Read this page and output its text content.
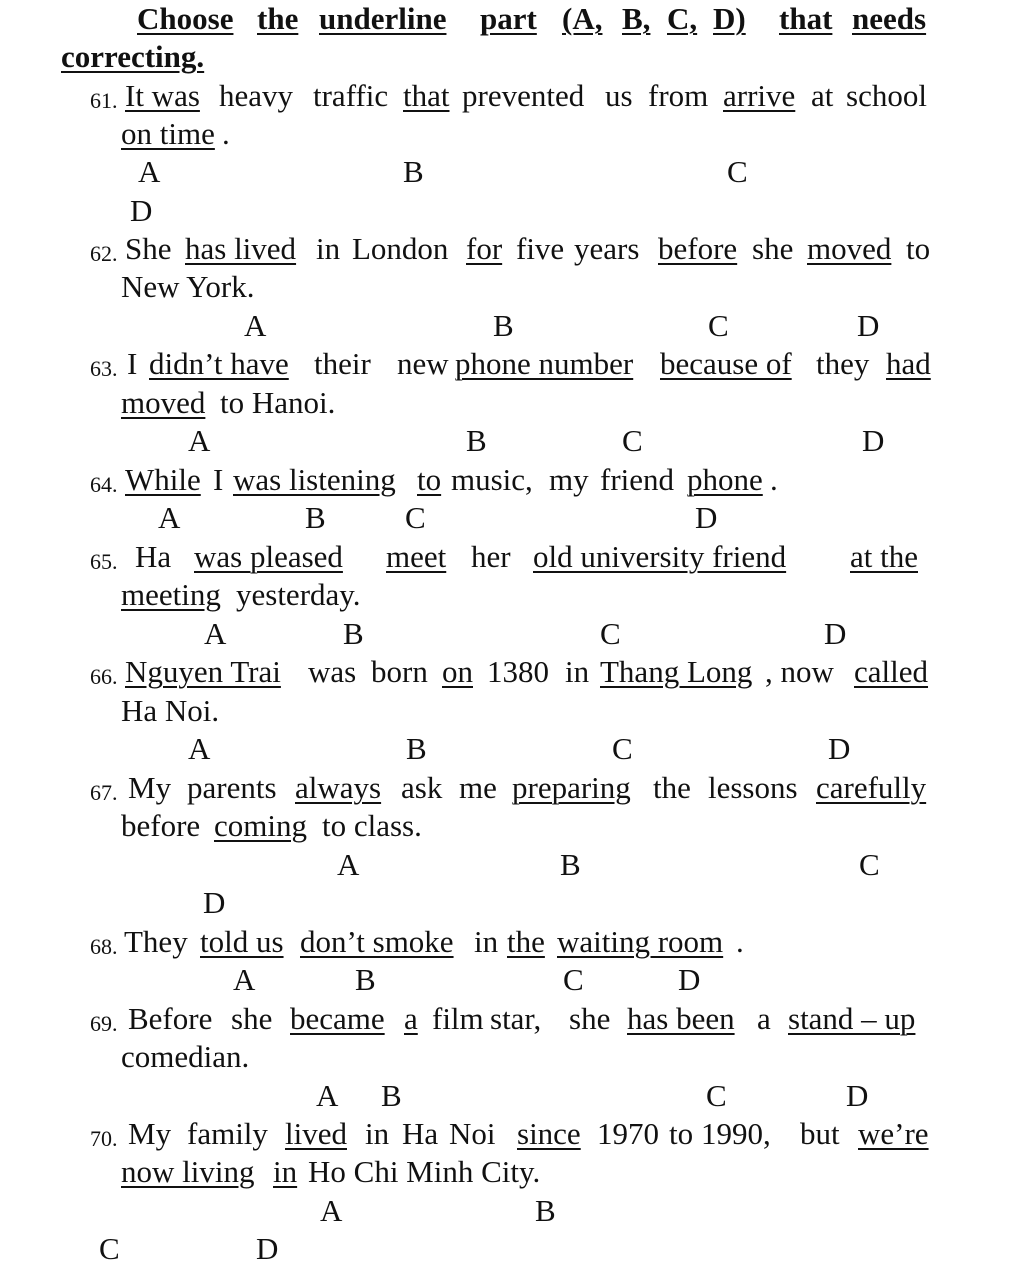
Choose the underline part (A, B, C, D) that needs
correcting.
61. It was heavy traffic that prevented us from arrive at school
on time .
A	B	C
D
62. She has lived in London for five years before she moved to
New York.
A	B	C	D
63. I didn’t have their new phone number because of they had
moved to Hanoi.
A	B	C	D
64. While I was listening to music, my friend phone .
A	B	C	D
65. Ha was pleased meet her old university friend at the
meeting yesterday.
A	B	C	D
66. Nguyen Trai was born on 1380 in Thang Long , now called
Ha Noi.
A	B	C	D
67. My parents always ask me preparing the lessons carefully
before coming to class.
A	B	C
D
68. They told us don’t smoke in the waiting room .
A	B	C	D
69. Before she became a film star, she has been a stand – up
comedian.
A B	C	D
70. My family lived in Ha Noi since 1970 to 1990, but we’re
now living in Ho Chi Minh City.
A	B
C	D
